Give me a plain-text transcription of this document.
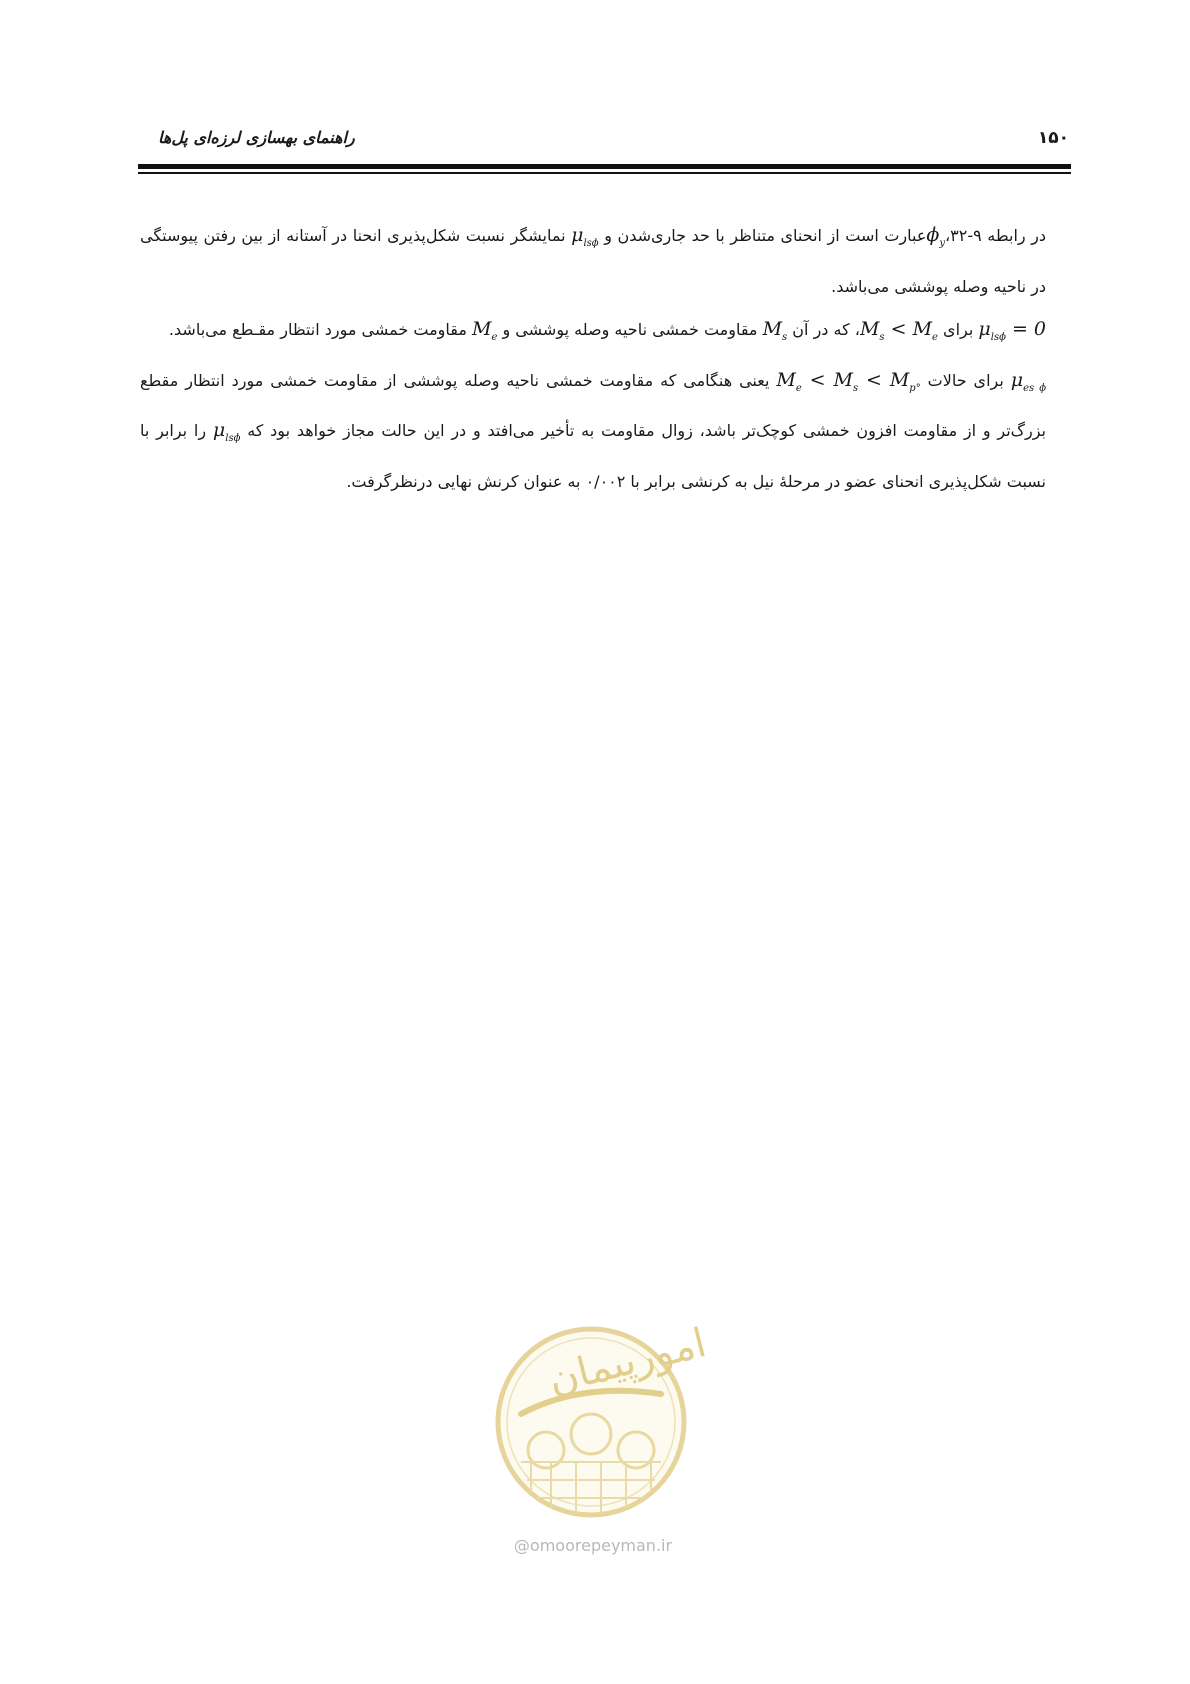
راهنمای بهسازی لرزه‌ای پل‌ها	۱۵۰

در رابطه $۹-۳۲،\phi_yعبارت$ است از انحنای متناظر با حد جاری‌شدن و $\mu_{ls\phi}$ نمایشگر نسبت شکل‌پذیری انحنا در آستانه از بین رفتن پیوستگی در ناحیه وصله پوششی می‌باشد.

$\mu_{ls\phi} = 0$ برای $M_s$ < $M_e،$ که در آن $M_s$ مقاومت خمشی ناحیه وصله پوششی و $M_e$ مقاومت خمشی مورد انتظار مقـطع می‌باشد.

$\mu_{es \phi}$ برای حالات $M_e < M_s < M_{p^\circ}$ یعنی هنگامی که مقاومت خمشی ناحیه وصله پوششی از مقاومت خمشی مورد انتظار مقطع بزرگ‌تر و از مقاومت افزون خمشی کوچک‌تر باشد، زوال مقاومت به تأخیر می‌افتد و در این حالت مجاز خواهد بود که $\mu_{ls\phi}$ را برابر با نسبت شکل‌پذیری انحنای عضو در مرحلهٔ نیل به کرنشی برابر با ۰/۰۰۲ به عنوان کرنش نهایی درنظرگرفت.

امورپیمان
@omoorepeyman.ir
